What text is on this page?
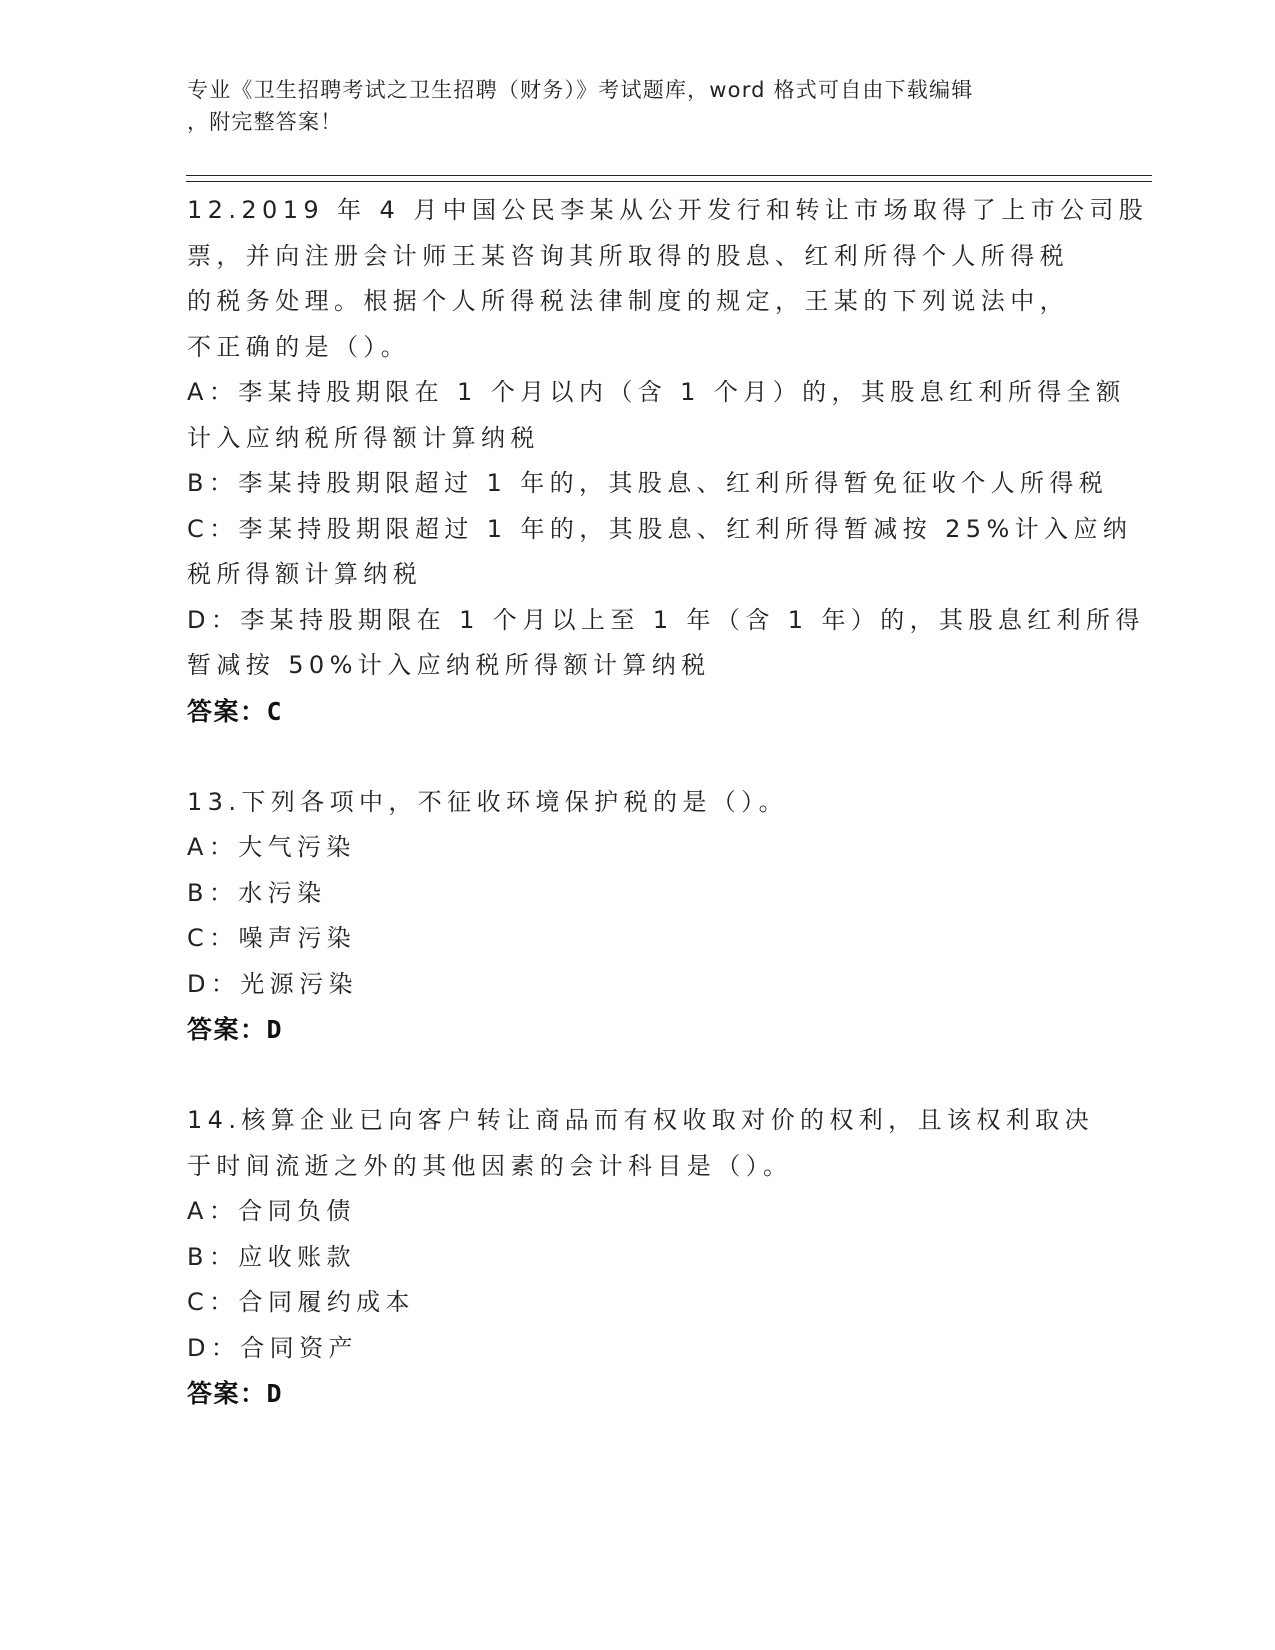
专业《卫生招聘考试之卫生招聘（财务）》考试题库，word 格式可自由下载编辑
，附完整答案！
12.2019 年 4 月中国公民李某从公开发行和转让市场取得了上市公司股
票，并向注册会计师王某咨询其所取得的股息、红利所得个人所得税
的税务处理。根据个人所得税法律制度的规定，王某的下列说法中，
不正确的是（）。
A：李某持股期限在 1 个月以内（含 1 个月）的，其股息红利所得全额
计入应纳税所得额计算纳税
B：李某持股期限超过 1 年的，其股息、红利所得暂免征收个人所得税
C：李某持股期限超过 1 年的，其股息、红利所得暂减按 25%计入应纳
税所得额计算纳税
D：李某持股期限在 1 个月以上至 1 年（含 1 年）的，其股息红利所得
暂减按 50%计入应纳税所得额计算纳税
答案：C
13.下列各项中，不征收环境保护税的是（）。
A：大气污染
B：水污染
C：噪声污染
D：光源污染
答案：D
14.核算企业已向客户转让商品而有权收取对价的权利，且该权利取决
于时间流逝之外的其他因素的会计科目是（）。
A：合同负债
B：应收账款
C：合同履约成本
D：合同资产
答案：D
